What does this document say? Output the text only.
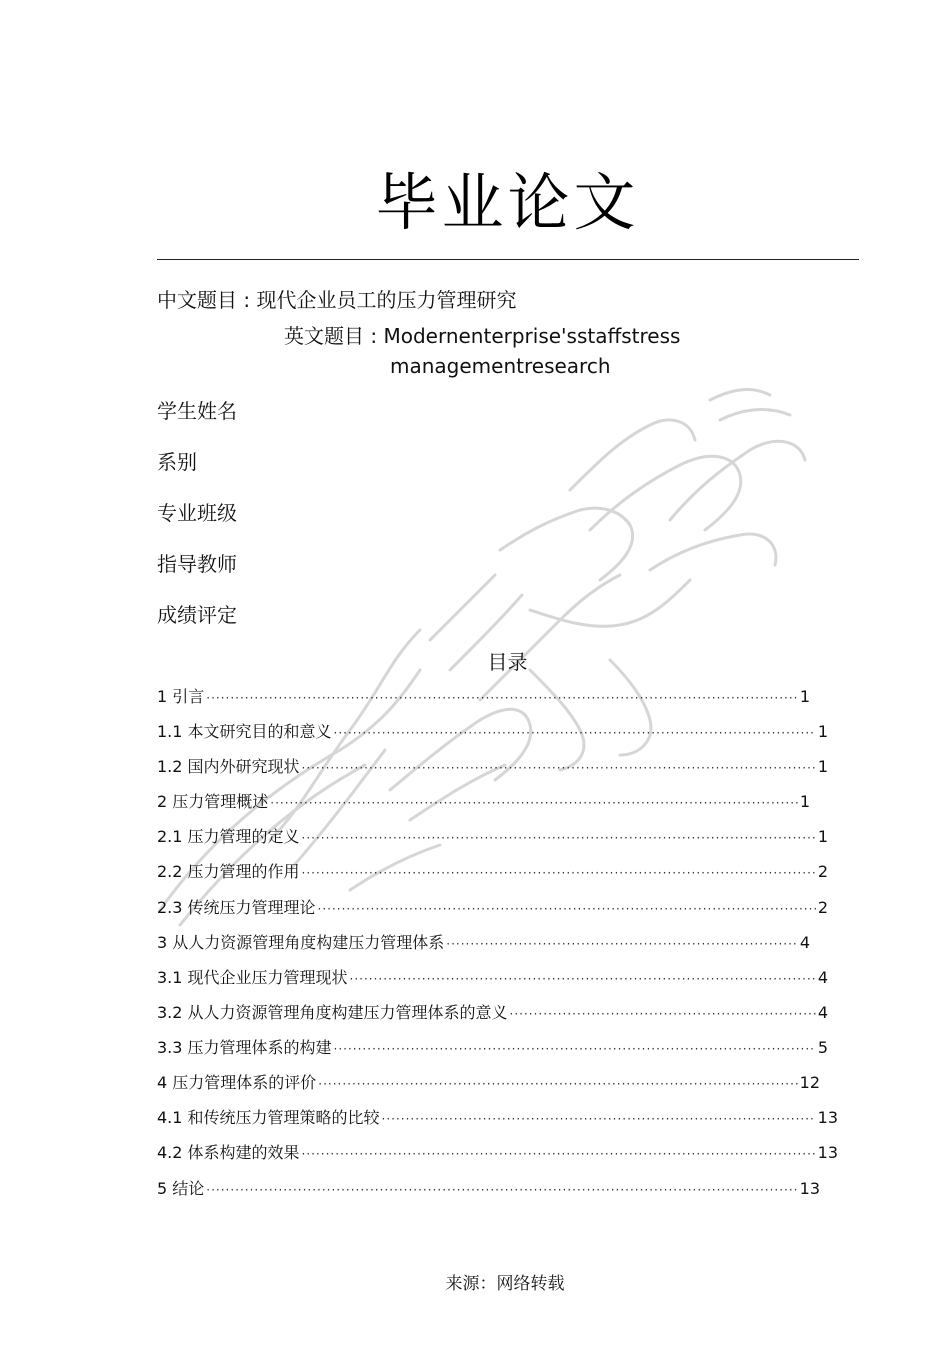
毕业论文
中文题目 : 现代企业员工的压力管理研究
英文题目 : Modernenterprise'sstaffstress
managementresearch
学生姓名
系别
专业班级
指导教师
成绩评定
目录
1 引言 ·····	1
1.1 本文研究目的和意义 ·····	1
1.2 国内外研究现状 ·····	1
2 压力管理概述 ·····	1
2.1 压力管理的定义 ·····	1
2.2 压力管理的作用 ·····	2
2.3 传统压力管理理论 ·····	2
3 从人力资源管理角度构建压力管理体系 ·····	4
3.1 现代企业压力管理现状 ·····	4
3.2 从人力资源管理角度构建压力管理体系的意义 ·····	4
3.3 压力管理体系的构建 ·····	5
4 压力管理体系的评价 ·····	12
4.1 和传统压力管理策略的比较 ·····	13
4.2 体系构建的效果 ·····	13
5 结论 ·····	13
来源：网络转载
